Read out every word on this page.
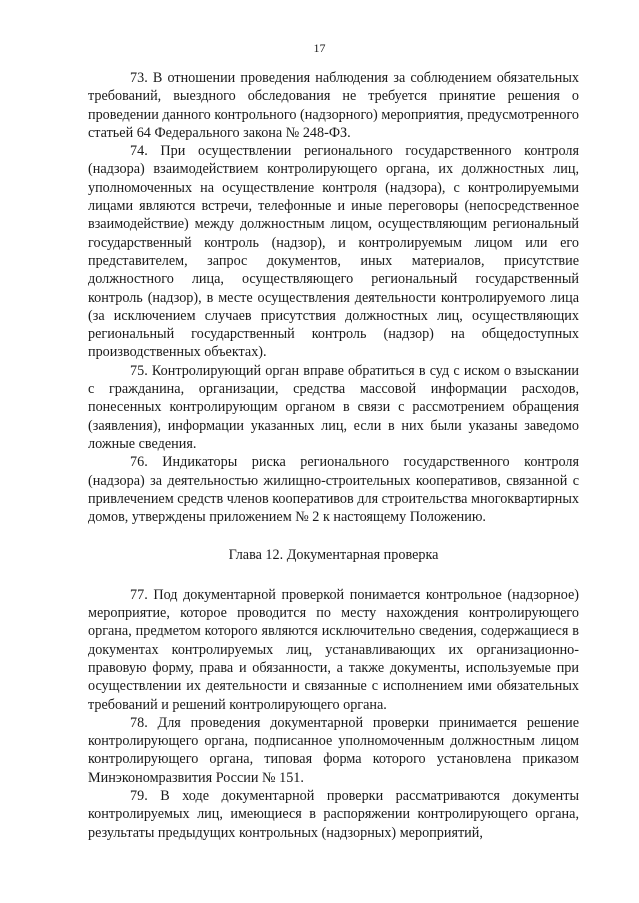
17

73. В отношении проведения наблюдения за соблюдением обязательных требований, выездного обследования не требуется принятие решения о проведении данного контрольного (надзорного) мероприятия, предусмотренного статьей 64 Федерального закона № 248-ФЗ.

74. При осуществлении регионального государственного контроля (надзора) взаимодействием контролирующего органа, их должностных лиц, уполномоченных на осуществление контроля (надзора), с контролируемыми лицами являются встречи, телефонные и иные переговоры (непосредственное взаимодействие) между должностным лицом, осуществляющим региональный государственный контроль (надзор), и контролируемым лицом или его представителем, запрос документов, иных материалов, присутствие должностного лица, осуществляющего региональный государственный контроль (надзор), в месте осуществления деятельности контролируемого лица (за исключением случаев присутствия должностных лиц, осуществляющих региональный государственный контроль (надзор) на общедоступных производственных объектах).

75. Контролирующий орган вправе обратиться в суд с иском о взыскании с гражданина, организации, средства массовой информации расходов, понесенных контролирующим органом в связи с рассмотрением обращения (заявления), информации указанных лиц, если в них были указаны заведомо ложные сведения.

76. Индикаторы риска регионального государственного контроля (надзора) за деятельностью жилищно-строительных кооперативов, связанной с привлечением средств членов кооперативов для строительства многоквартирных домов, утверждены приложением № 2 к настоящему Положению.

Глава 12. Документарная проверка

77. Под документарной проверкой понимается контрольное (надзорное) мероприятие, которое проводится по месту нахождения контролирующего органа, предметом которого являются исключительно сведения, содержащиеся в документах контролируемых лиц, устанавливающих их организационно-правовую форму, права и обязанности, а также документы, используемые при осуществлении их деятельности и связанные с исполнением ими обязательных требований и решений контролирующего органа.

78. Для проведения документарной проверки принимается решение контролирующего органа, подписанное уполномоченным должностным лицом контролирующего органа, типовая форма которого установлена приказом Минэкономразвития России № 151.

79. В ходе документарной проверки рассматриваются документы контролируемых лиц, имеющиеся в распоряжении контролирующего органа, результаты предыдущих контрольных (надзорных) мероприятий,
